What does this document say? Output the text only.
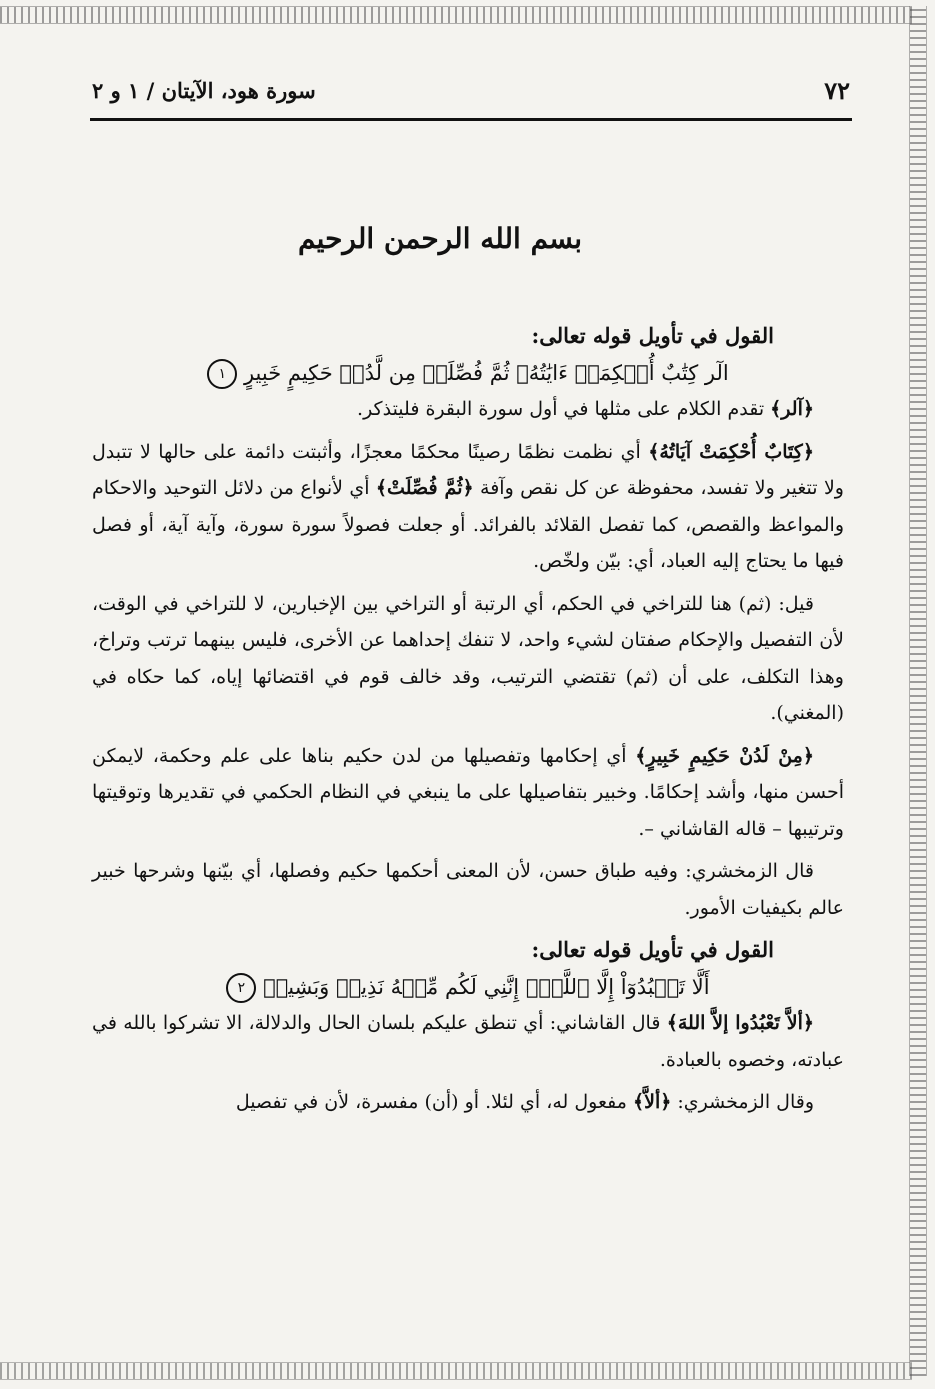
٧٢
سورة هود، الآيتان / ١ و ٢
بسم الله الرحمن الرحيم

القول في تأويل قوله تعالى:

الٓر كِتَٰبٌ أُحۡكِمَتۡ ءَايَٰتُهُۥ ثُمَّ فُصِّلَتۡ مِن لَّدُنۡ حَكِيمٍ خَبِيرٍ ١

﴿آلر﴾ تقدم الكلام على مثلها في أول سورة البقرة فليتذكر.

﴿كِتَابٌ أُحْكِمَتْ آيَاتُهُ﴾ أي نظمت نظمًا رصينًا محكمًا معجزًا، وأثبتت دائمة على حالها لا تتبدل ولا تتغير ولا تفسد، محفوظة عن كل نقص وآفة ﴿ثُمَّ فُصِّلَتْ﴾ أي لأنواع من دلائل التوحيد والاحكام والمواعظ والقصص، كما تفصل القلائد بالفرائد. أو جعلت فصولاً سورة سورة، وآية آية، أو فصل فيها ما يحتاج إليه العباد، أي: بيّن ولخّص.

قيل: (ثم) هنا للتراخي في الحكم، أي الرتبة أو التراخي بين الإخبارين، لا للتراخي في الوقت، لأن التفصيل والإحكام صفتان لشيء واحد، لا تنفك إحداهما عن الأخرى، فليس بينهما ترتب وتراخ، وهذا التكلف، على أن (ثم) تقتضي الترتيب، وقد خالف قوم في اقتضائها إياه، كما حكاه في (المغني).

﴿مِنْ لَدُنْ حَكِيمٍ خَبِيرٍ﴾ أي إحكامها وتفصيلها من لدن حكيم بناها على علم وحكمة، لايمكن أحسن منها، وأشد إحكامًا. وخبير بتفاصيلها على ما ينبغي في النظام الحكمي في تقديرها وتوقيتها وترتيبها – قاله القاشاني –.

قال الزمخشري: وفيه طباق حسن، لأن المعنى أحكمها حكيم وفصلها، أي بيّنها وشرحها خبير عالم بكيفيات الأمور.

القول في تأويل قوله تعالى:

أَلَّا تَعۡبُدُوٓاْ إِلَّا ٱللَّهَۚ إِنَّنِي لَكُم مِّنۡهُ نَذِيرٞ وَبَشِيرٞ ٢

﴿ألاَّ تَعْبُدُوا إلاَّ اللهَ﴾ قال القاشاني: أي تنطق عليكم بلسان الحال والدلالة، الا تشركوا بالله في عبادته، وخصوه بالعبادة.

وقال الزمخشري: ﴿ألاَّ﴾ مفعول له، أي لئلا. أو (أن) مفسرة، لأن في تفصيل
